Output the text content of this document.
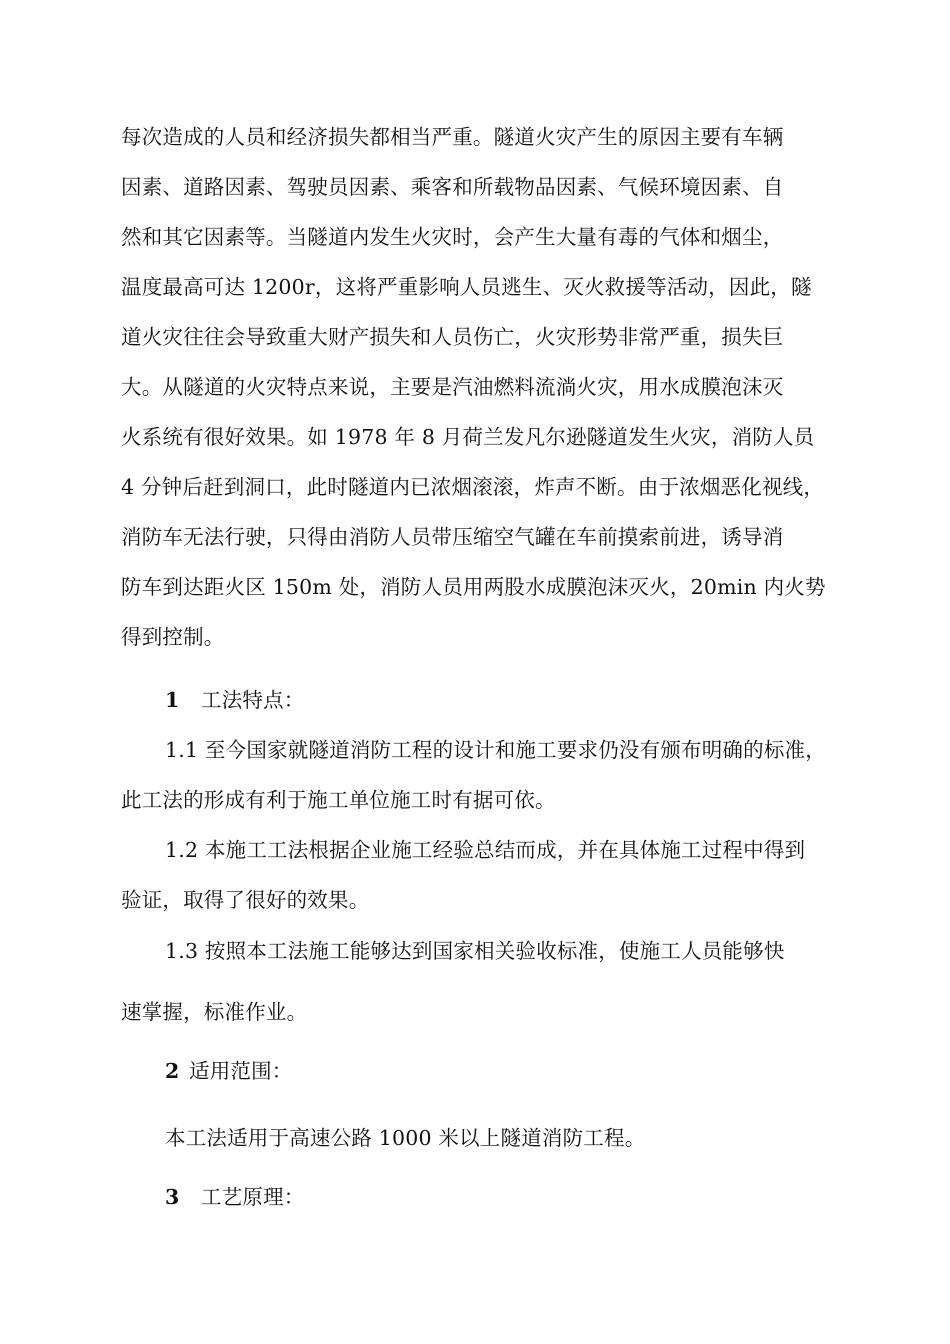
每次造成的人员和经济损失都相当严重。隧道火灾产生的原因主要有车辆
因素、道路因素、驾驶员因素、乘客和所载物品因素、气候环境因素、自
然和其它因素等。当隧道内发生火灾时，会产生大量有毒的气体和烟尘，
温度最高可达 1200r，这将严重影响人员逃生、灭火救援等活动，因此，隧
道火灾往往会导致重大财产损失和人员伤亡，火灾形势非常严重，损失巨
大。从隧道的火灾特点来说，主要是汽油燃料流淌火灾，用水成膜泡沫灭
火系统有很好效果。如 1978 年 8 月荷兰发凡尔逊隧道发生火灾，消防人员
4 分钟后赶到洞口，此时隧道内已浓烟滚滚，炸声不断。由于浓烟恶化视线，
消防车无法行驶，只得由消防人员带压缩空气罐在车前摸索前进，诱导消
防车到达距火区 150m 处，消防人员用两股水成膜泡沫灭火，20min 内火势
得到控制。
1 工法特点：
1.1 至今国家就隧道消防工程的设计和施工要求仍没有颁布明确的标准，
此工法的形成有利于施工单位施工时有据可依。
1.2 本施工工法根据企业施工经验总结而成，并在具体施工过程中得到
验证，取得了很好的效果。
1.3 按照本工法施工能够达到国家相关验收标准，使施工人员能够快
速掌握，标准作业。
2 适用范围：
本工法适用于高速公路 1000 米以上隧道消防工程。
3 工艺原理：
